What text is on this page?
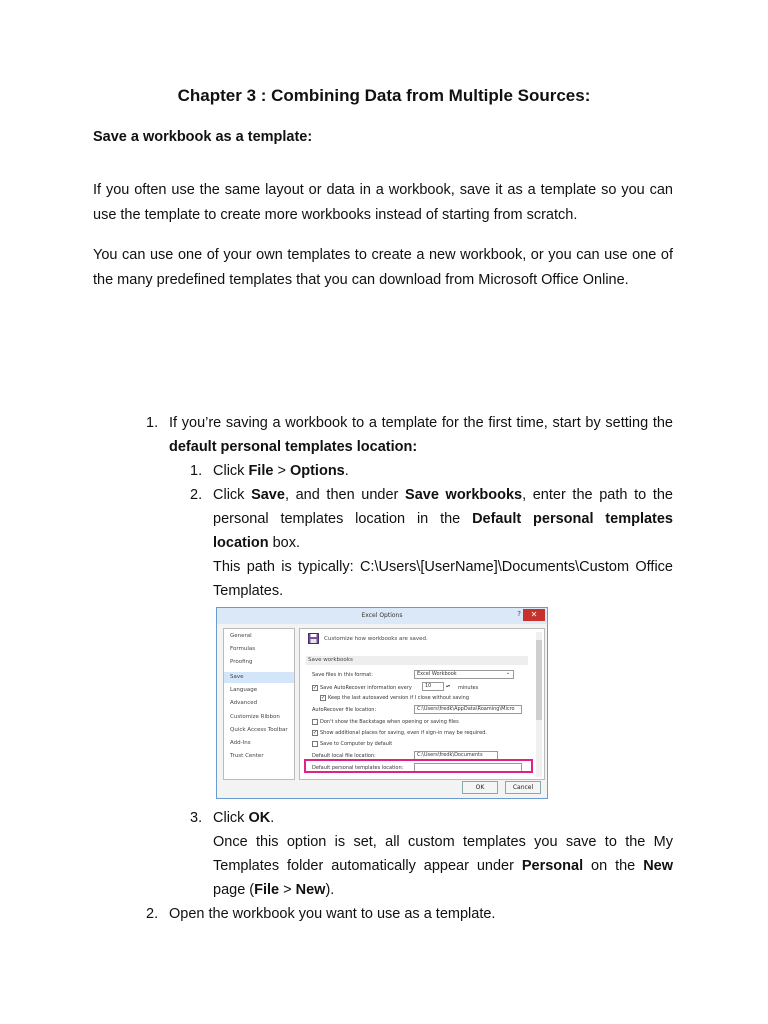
Chapter 3 : Combining Data from Multiple Sources:
Save a workbook as a template:
If you often use the same layout or data in a workbook, save it as a template so you can use the template to create more workbooks instead of starting from scratch.
You can use one of your own templates to create a new workbook, or you can use one of the many predefined templates that you can download from Microsoft Office Online.
1. If you’re saving a workbook to a template for the first time, start by setting the default personal templates location:
1. Click File > Options.
2. Click Save, and then under Save workbooks, enter the path to the personal templates location in the Default personal templates location box.
This path is typically: C:\Users\[UserName]\Documents\Custom Office Templates.
Excel Options	?	✕
General
Formulas
Proofing
Save
Language
Advanced
Customize Ribbon
Quick Access Toolbar
Add-Ins
Trust Center
Customize how workbooks are saved.
Save workbooks
Save files in this format:	Excel Workbook	⌄
✓ Save AutoRecover information every	10	▴▾ minutes
✓ Keep the last autosaved version if I close without saving
AutoRecover file location:	C:\Users\fredk\AppData\Roaming\Micro
Don't show the Backstage when opening or saving files
✓ Show additional places for saving, even if sign-in may be required.
Save to Computer by default
Default local file location:	C:\Users\fredk\Documents
Default personal templates location:
OK	Cancel
3. Click OK.
Once this option is set, all custom templates you save to the My Templates folder automatically appear under Personal on the New page (File > New).
2. Open the workbook you want to use as a template.
